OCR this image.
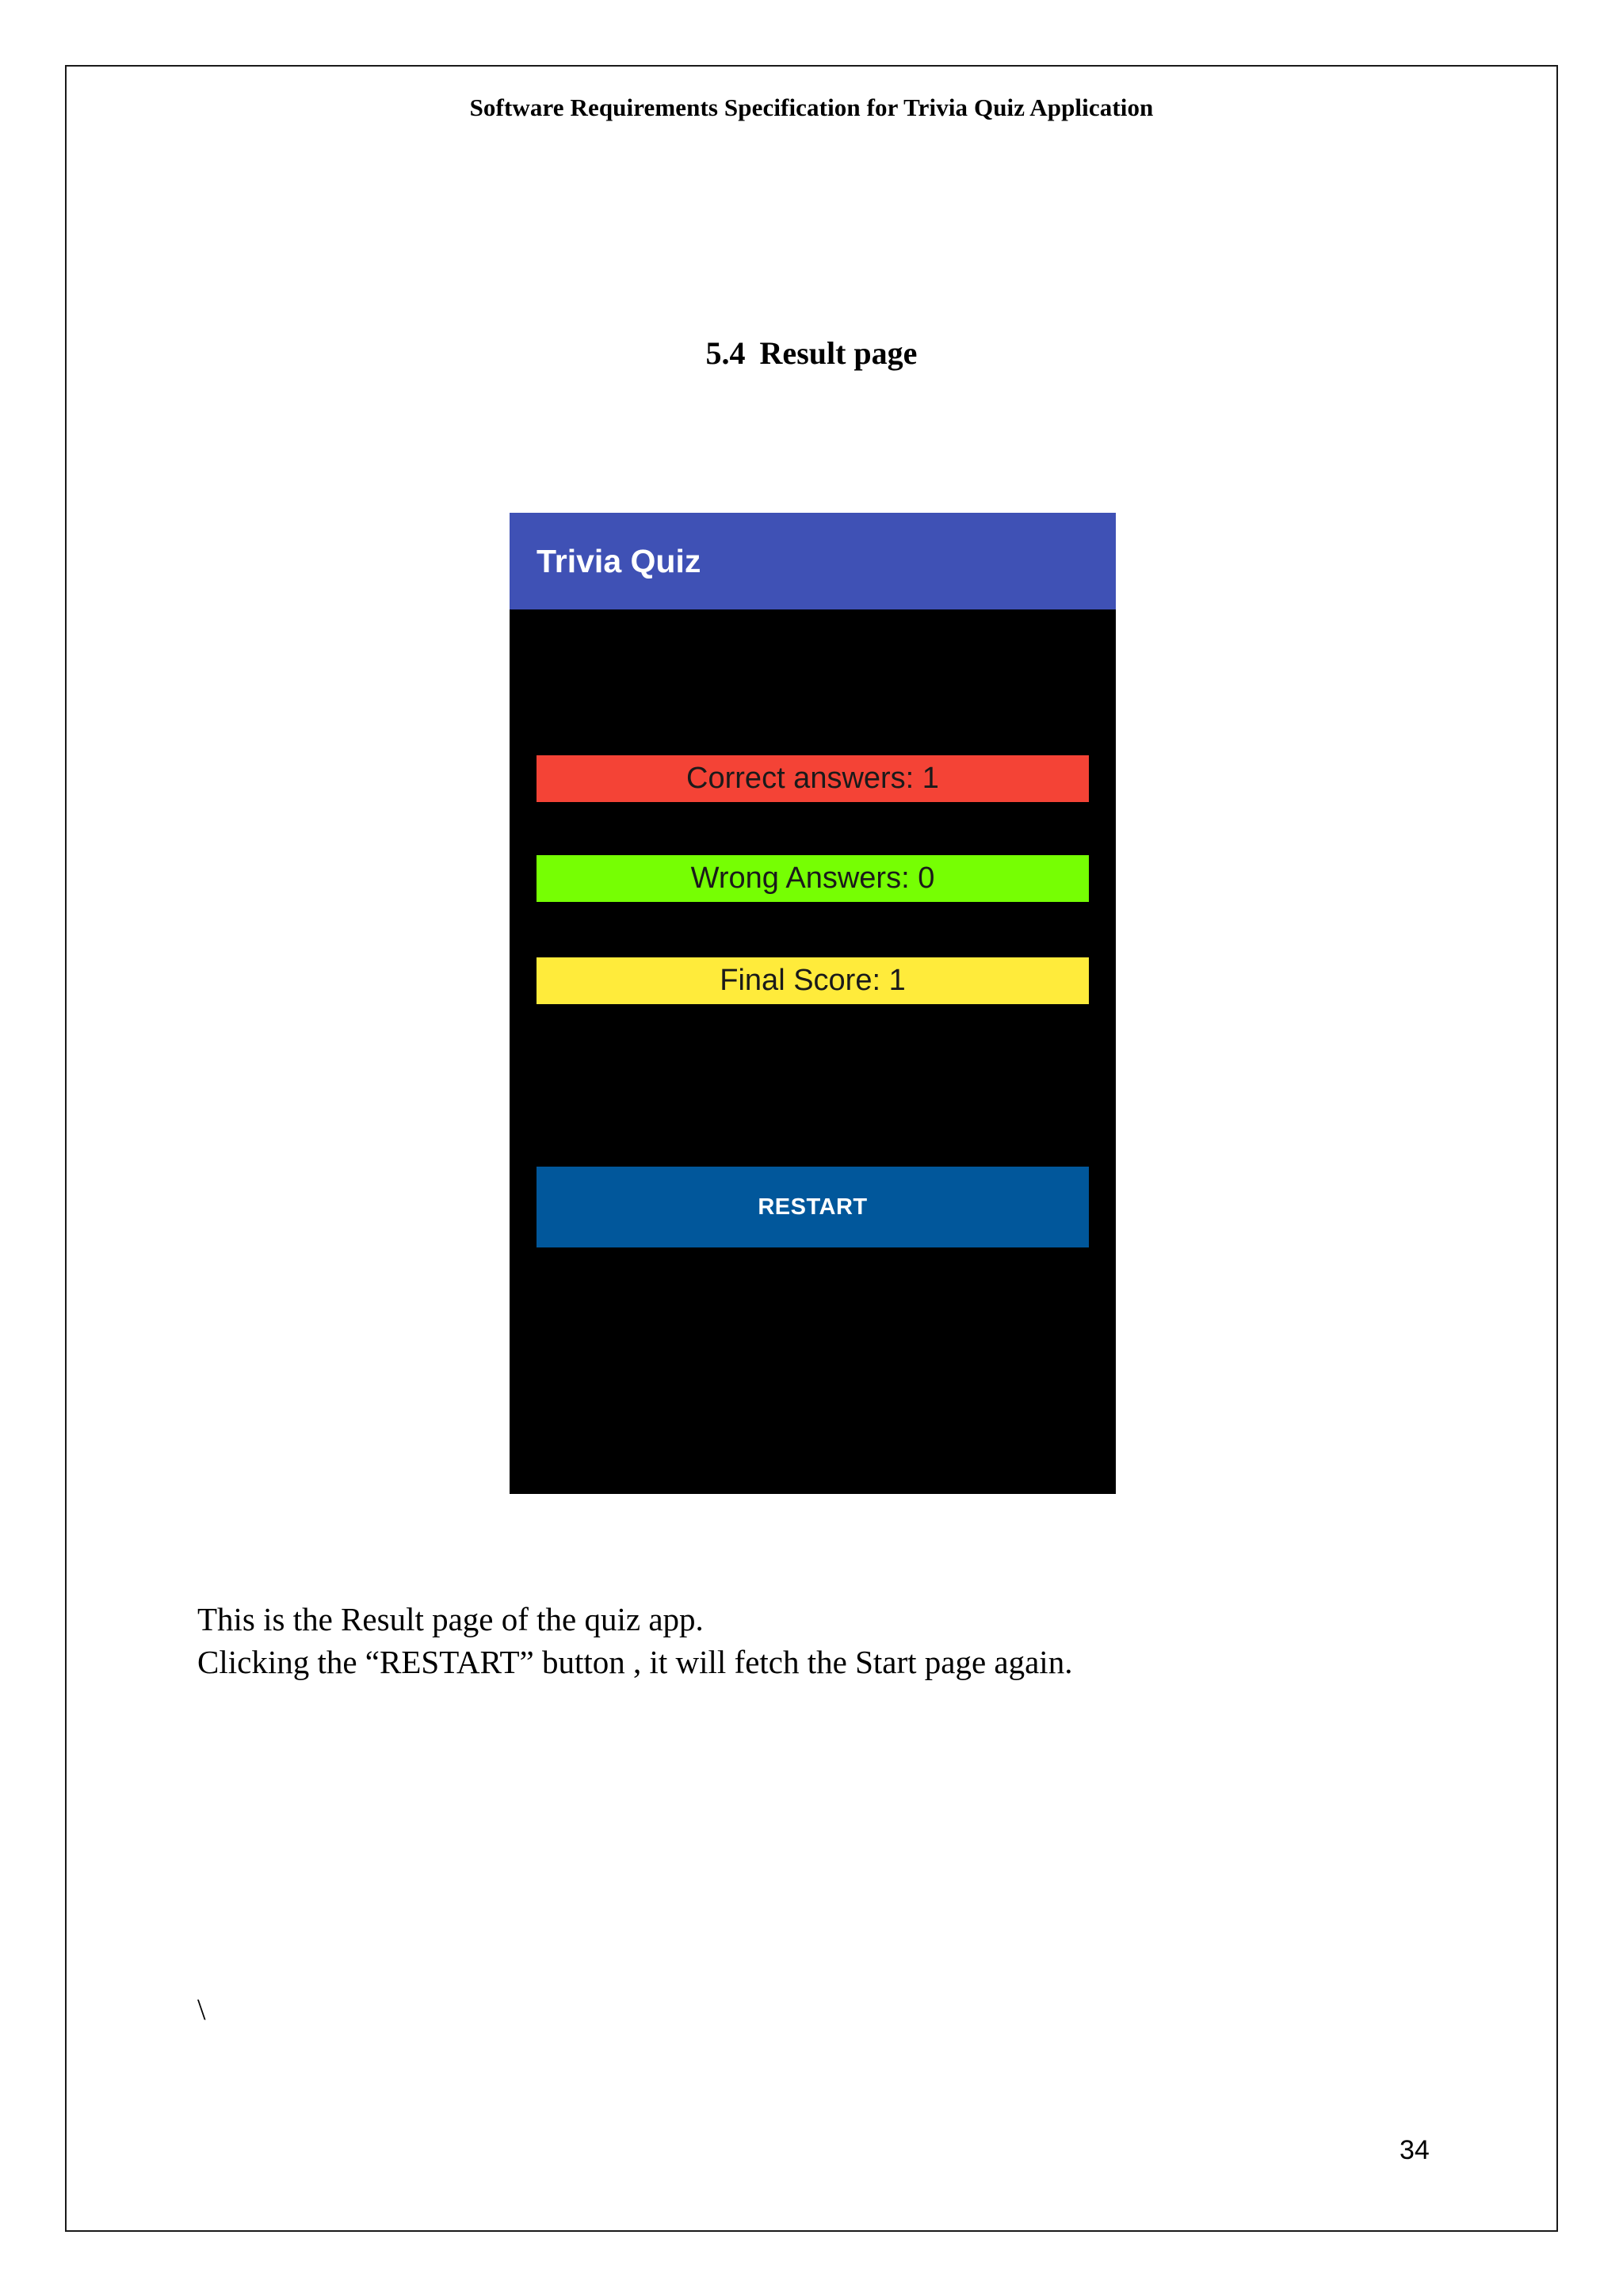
Software Requirements Specification for Trivia Quiz Application
5.4 Result page
Trivia Quiz
Correct answers: 1
Wrong Answers: 0
Final Score: 1
RESTART

This is the Result page of the quiz app.

Clicking the “RESTART” button , it will fetch the Start page again.

\
34
